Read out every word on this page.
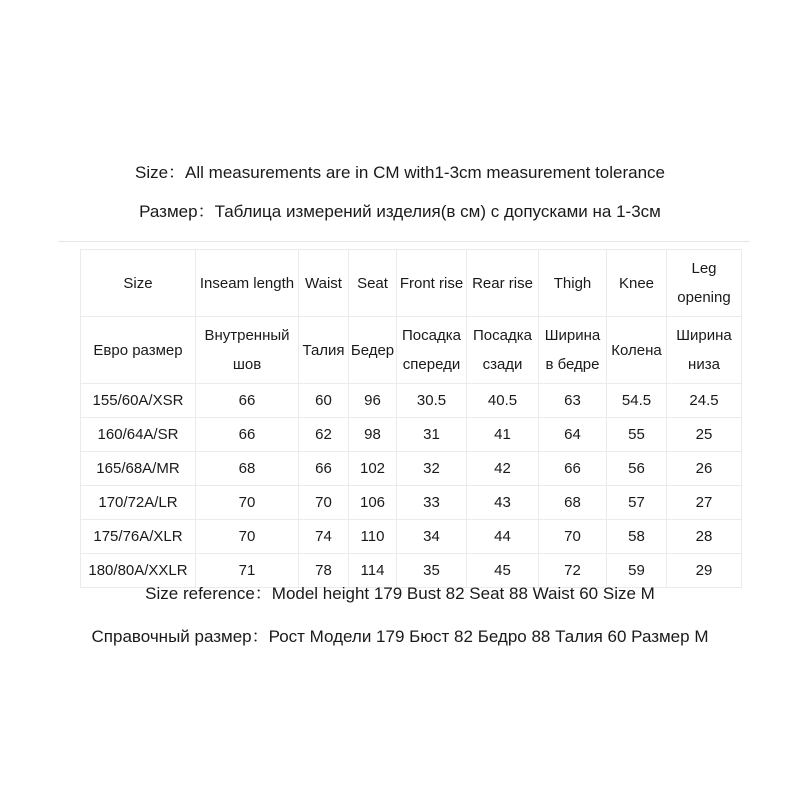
Size：All measurements are in CM with1-3cm measurement tolerance
Размер：Таблица измерений изделия(в см) с допусками на 1-3см
Size	Inseam length	Waist	Seat	Front rise	Rear rise	Thigh	Knee	Leg opening
Евро размер	Внутренный шов	Талия	Бедер	Посадка спереди	Посадка сзади	Ширина в бедре	Колена	Ширина низа
155/60A/XSR	66	60	96	30.5	40.5	63	54.5	24.5
160/64A/SR	66	62	98	31	41	64	55	25
165/68A/MR	68	66	102	32	42	66	56	26
170/72A/LR	70	70	106	33	43	68	57	27
175/76A/XLR	70	74	110	34	44	70	58	28
180/80A/XXLR	71	78	114	35	45	72	59	29
Size reference：Model height 179 Bust 82 Seat 88 Waist 60 Size M
Справочный размер：Рост Модели 179 Бюст 82 Бедро 88 Талия 60 Размер M
